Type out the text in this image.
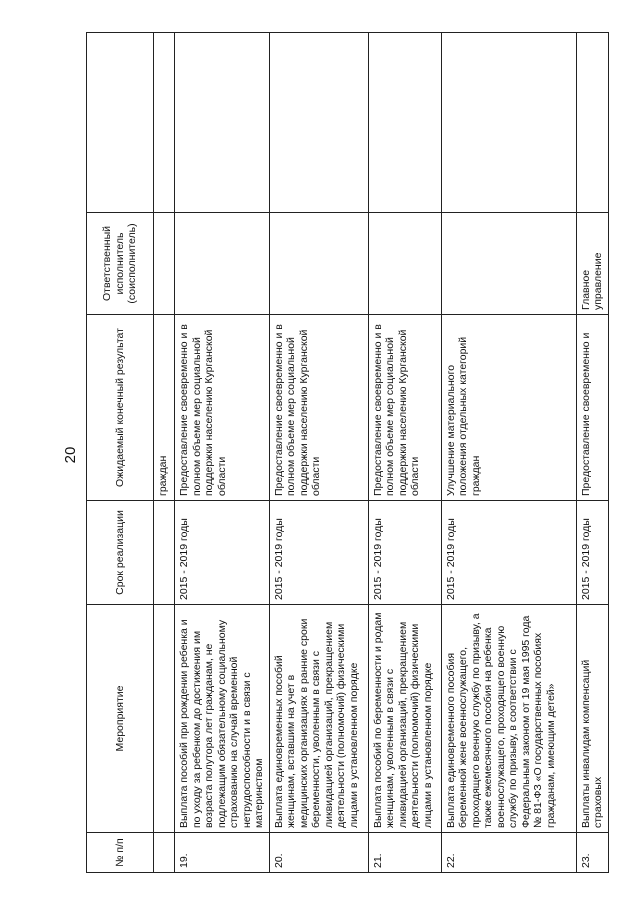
20
№ п/п	Мероприятие	Срок реализации	Ожидаемый конечный результат	Ответственный исполнитель (соисполнитель)	
			граждан		
19.	Выплата пособий при рождении ребенка и по уходу за ребенком до достижения им возраста полутора лет гражданам, не подлежащим обязательному социальному страхованию на случай временной нетрудоспособности и в связи с материнством	2015 - 2019 годы	Предоставление своевременно и в полном объеме мер социальной поддержки населению Курганской области		
20.	Выплата единовременных пособий женщинам, вставшим на учет в медицинских организациях в ранние сроки беременности, уволенным в связи с ликвидацией организаций, прекращением деятельности (полномочий) физическими лицами в установленном порядке	2015 - 2019 годы	Предоставление своевременно и в полном объеме мер социальной поддержки населению Курганской области		
21.	Выплата пособий по беременности и родам женщинам, уволенным в связи с ликвидацией организаций, прекращением деятельности (полномочий) физическими лицами в установленном порядке	2015 - 2019 годы	Предоставление своевременно и в полном объеме мер социальной поддержки населению Курганской области		
22.	Выплата единовременного пособия беременной жене военнослужащего, проходящего военную службу по призыву, а также ежемесячного пособия на ребенка военнослужащего, проходящего военную службу по призыву, в соответствии с Федеральным законом от 19 мая 1995 года № 81-ФЗ «О государственных пособиях гражданам, имеющим детей»	2015 - 2019 годы	Улучшение материального положения отдельных категорий граждан		
23.	Выплаты инвалидам компенсаций страховых	2015 - 2019 годы	Предоставление своевременно и	Главное управление	
